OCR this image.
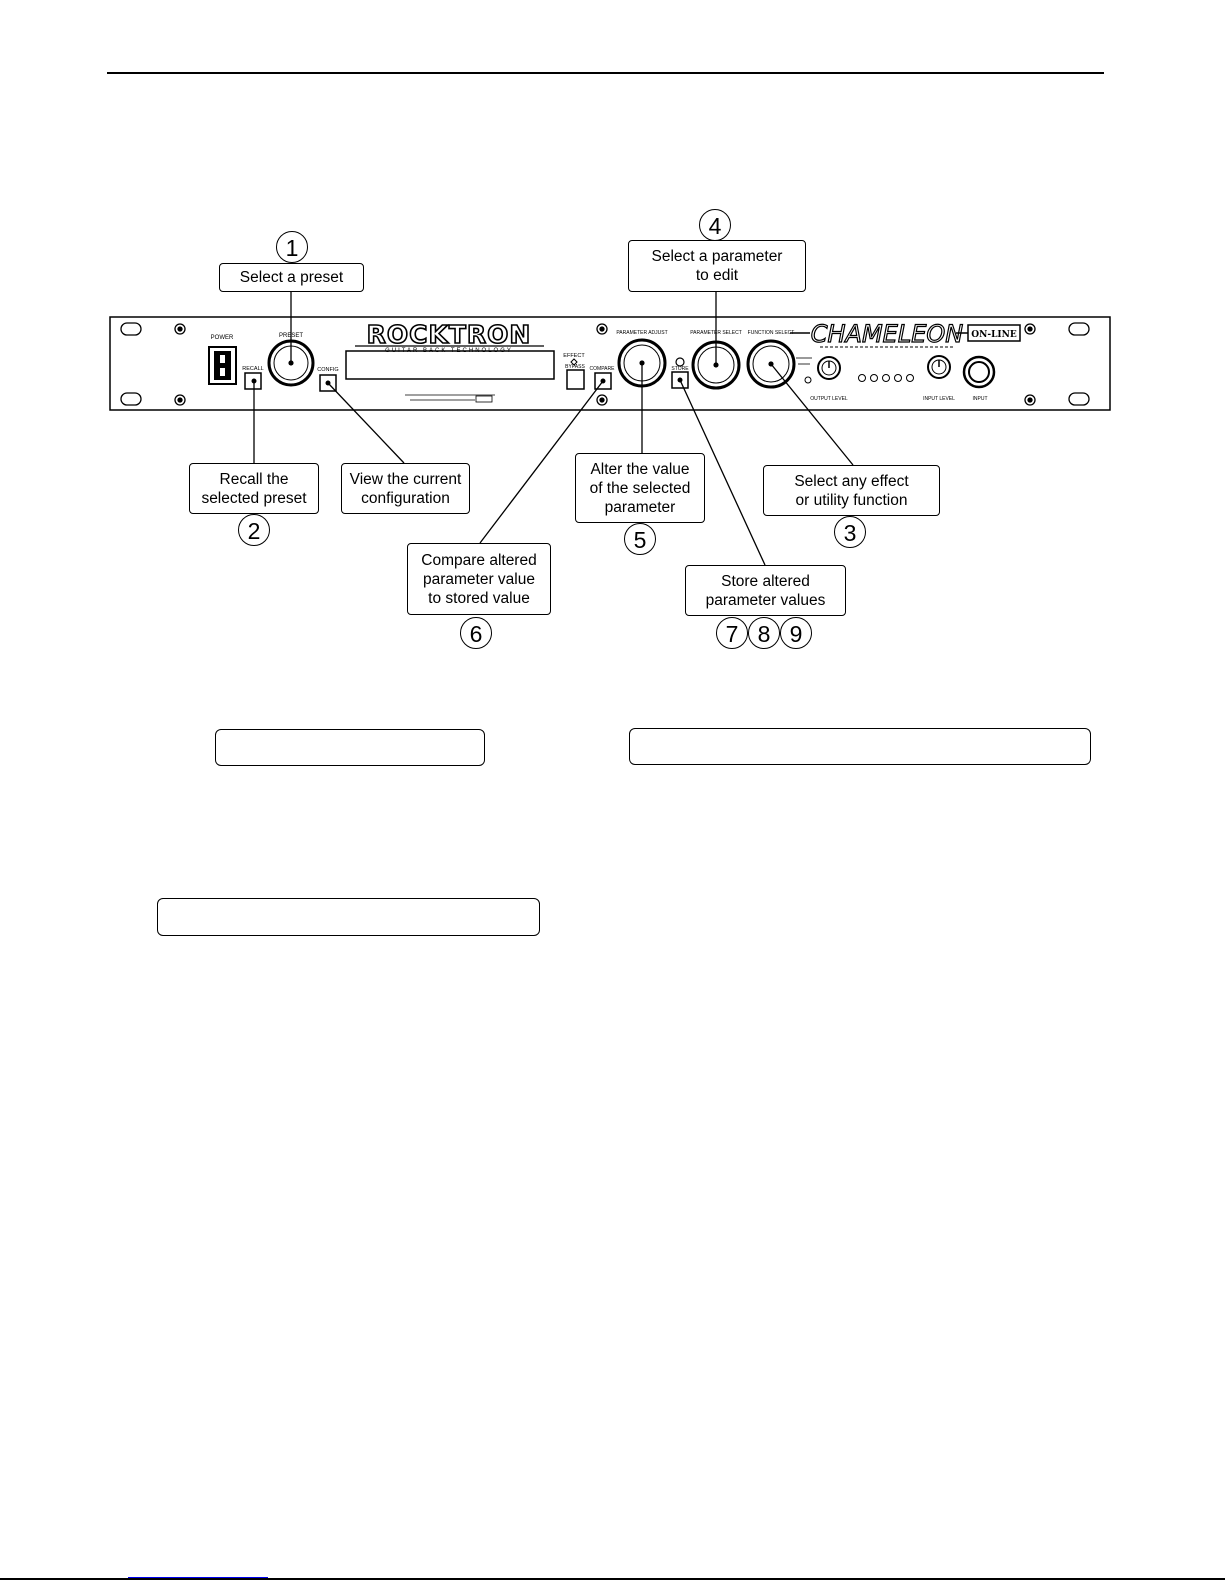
POWER	PRESET
RECALL	CONFIG
ROCKTRON
GUITAR BACK TECHNOLOGY
EFFECT
BYPASS COMPARE
PARAMETER ADJUST
STORE
PARAMETER SELECT FUNCTION SELECT CHAMELEON ON-LINE
OUTPUT LEVEL	INPUT LEVEL	INPUT
Select a preset
Recall the
selected preset
View the current
configuration
Select any effect
or utility function
Select a parameter
to edit
Alter the value
of the selected
parameter
Compare altered
parameter value
to stored value
Store altered
parameter values
1
2	3
4
5
6	7 8 9
